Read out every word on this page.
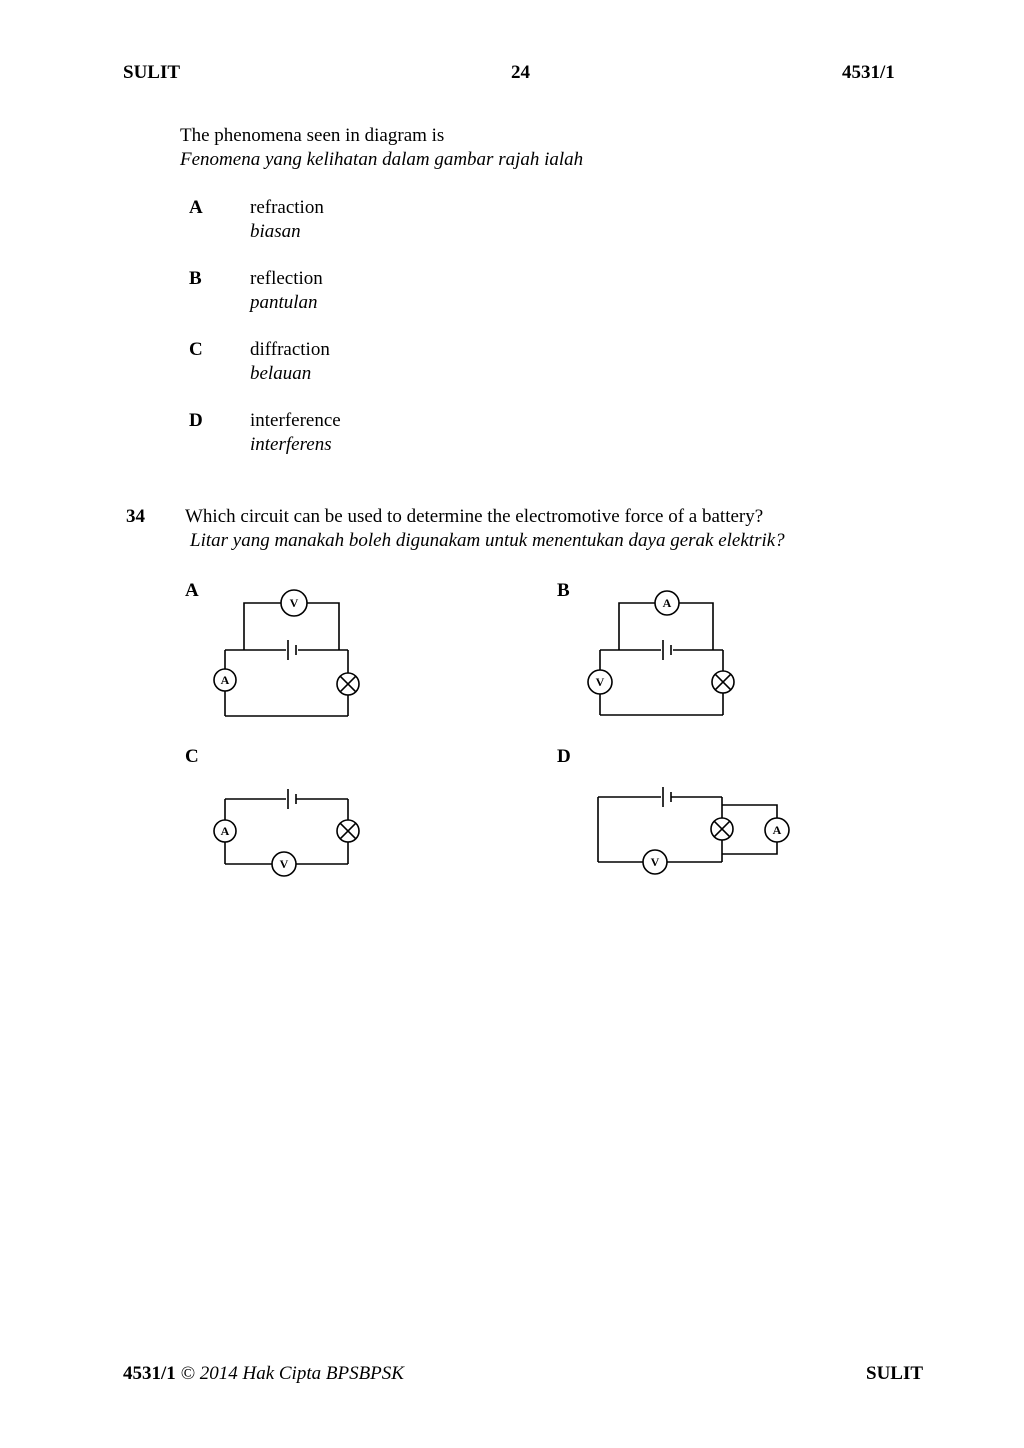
SULIT	24	4531/1
The phenomena seen in diagram is
Fenomena yang kelihatan dalam gambar rajah ialah
A refraction
biasan
B	reflection
pantulan
C diffraction
belauan
D interference
interferens
34 Which circuit can be used to determine the electromotive force of a battery?
Litar yang manakah boleh digunakam untuk menentukan daya gerak elektrik?
A	B
C	D
V
A
A
V
A
V
A
V
4531/1 © 2014 Hak Cipta BPSBPSK	SULIT
